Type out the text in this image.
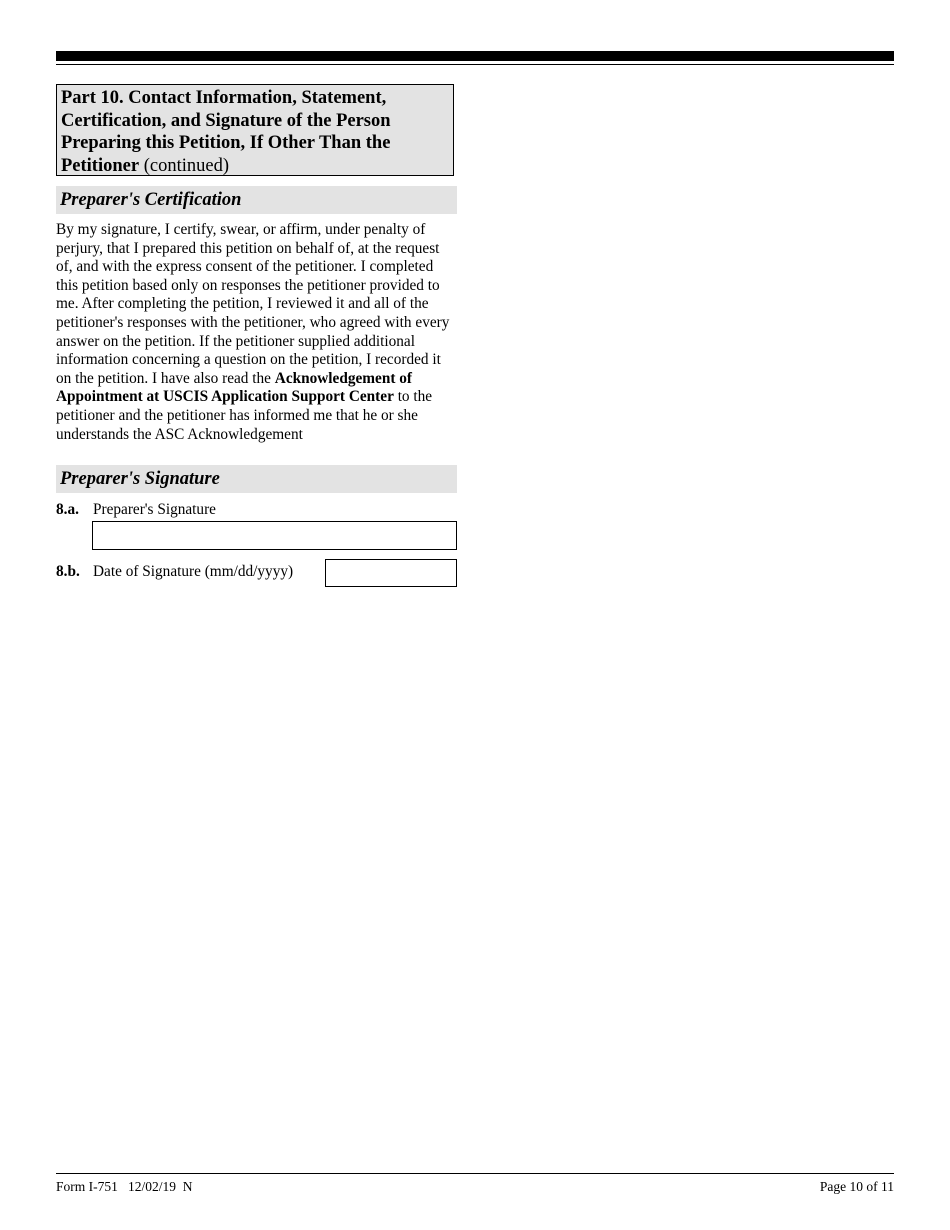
Part 10. Contact Information, Statement, Certification, and Signature of the Person Preparing this Petition, If Other Than the Petitioner (continued)
Preparer's Certification
By my signature, I certify, swear, or affirm, under penalty of perjury, that I prepared this petition on behalf of, at the request of, and with the express consent of the petitioner. I completed this petition based only on responses the petitioner provided to me. After completing the petition, I reviewed it and all of the petitioner's responses with the petitioner, who agreed with every answer on the petition. If the petitioner supplied additional information concerning a question on the petition, I recorded it on the petition. I have also read the Acknowledgement of Appointment at USCIS Application Support Center to the petitioner and the petitioner has informed me that he or she understands the ASC Acknowledgement
Preparer's Signature
8.a. Preparer's Signature
8.b. Date of Signature (mm/dd/yyyy)
Form I-751   12/02/19  N	Page 10 of 11
